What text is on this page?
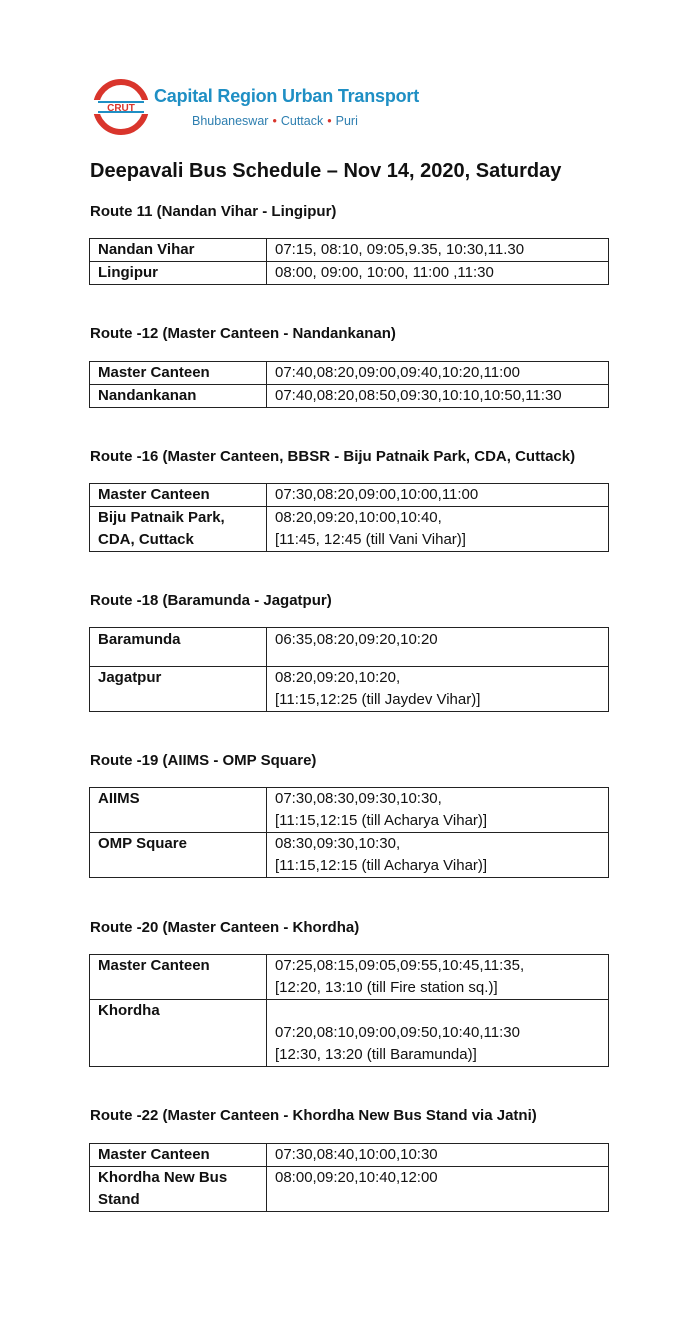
CRUT
Capital Region Urban Transport
Bhubaneswar • Cuttack • Puri
Deepavali Bus Schedule – Nov 14, 2020, Saturday
Route 11 (Nandan Vihar - Lingipur)
Nandan Vihar	07:15, 08:10, 09:05,9.35, 10:30,11.30

Lingipur	08:00, 09:00, 10:00, 11:00 ,11:30
Route -12 (Master Canteen - Nandankanan)
Master Canteen	07:40,08:20,09:00,09:40,10:20,11:00

Nandankanan	07:40,08:20,08:50,09:30,10:10,10:50,11:30
Route -16 (Master Canteen, BBSR - Biju Patnaik Park, CDA, Cuttack)
Master Canteen	07:30,08:20,09:00,10:00,11:00

Biju Patnaik Park,
CDA, Cuttack	08:20,09:20,10:00,10:40,
[11:45, 12:45 (till Vani Vihar)]
Route -18 (Baramunda - Jagatpur)
Baramunda	06:35,08:20,09:20,10:20

Jagatpur	08:20,09:20,10:20,
[11:15,12:25 (till Jaydev Vihar)]
Route -19 (AIIMS - OMP Square)
AIIMS	07:30,08:30,09:30,10:30,
[11:15,12:15 (till Acharya Vihar)]

OMP Square	08:30,09:30,10:30,
[11:15,12:15 (till Acharya Vihar)]
Route -20 (Master Canteen - Khordha)
Master Canteen	07:25,08:15,09:05,09:55,10:45,11:35,
[12:20, 13:10 (till Fire station sq.)]

Khordha	07:20,08:10,09:00,09:50,10:40,11:30
[12:30, 13:20 (till Baramunda)]
Route -22 (Master Canteen - Khordha New Bus Stand via Jatni)
Master Canteen	07:30,08:40,10:00,10:30

Khordha New Bus
Stand	08:00,09:20,10:40,12:00
